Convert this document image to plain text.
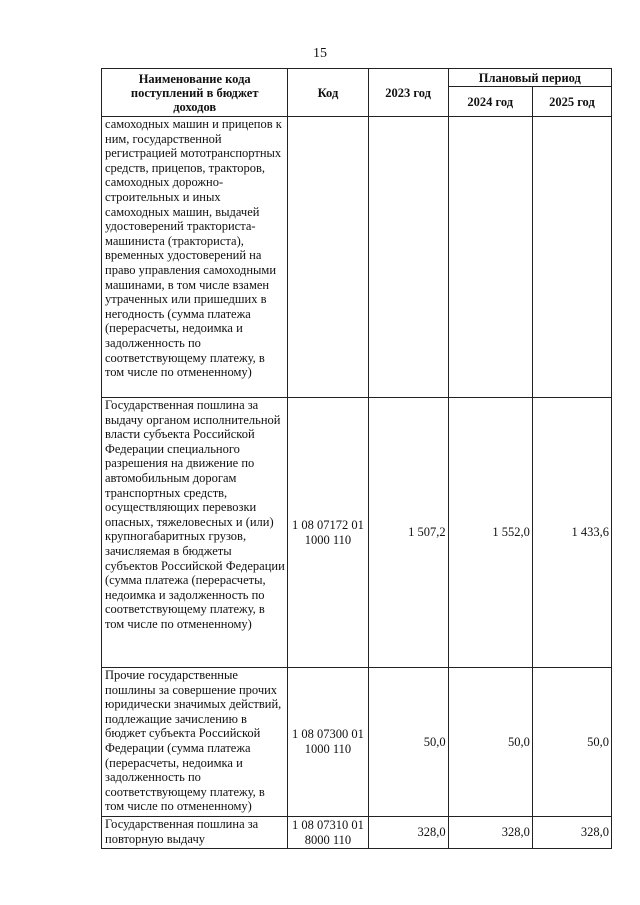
15
Наименование кода поступлений в бюджет доходов	Код	2023 год	Плановый период	
			2024 год	2025 год
самоходных машин и прицепов к ним, государственной регистрацией мототранспортных средств, прицепов, тракторов, самоходных дорожно-строительных и иных самоходных машин, выдачей удостоверений тракториста-машиниста (тракториста), временных удостоверений на право управления самоходными машинами, в том числе взамен утраченных или пришедших в негодность (сумма платежа (перерасчеты, недоимка и задолженность по соответствующему платежу, в том числе по отмененному)				
Государственная пошлина за выдачу органом исполнительной власти субъекта Российской Федерации специального разрешения на движение по автомобильным дорогам транспортных средств, осуществляющих перевозки опасных, тяжеловесных и (или) крупногабаритных грузов, зачисляемая в бюджеты субъектов Российской Федерации (сумма платежа (перерасчеты, недоимка и задолженность по соответствующему платежу, в том числе по отмененному)	1 08 07172 01 1000 110	1 507,2	1 552,0	1 433,6
Прочие государственные пошлины за совершение прочих юридически значимых действий, подлежащие зачислению в бюджет субъекта Российской Федерации (сумма платежа (перерасчеты, недоимка и задолженность по соответствующему платежу, в том числе по отмененному)	1 08 07300 01 1000 110	50,0	50,0	50,0
Государственная пошлина за повторную выдачу	1 08 07310 01 8000 110	328,0	328,0	328,0
